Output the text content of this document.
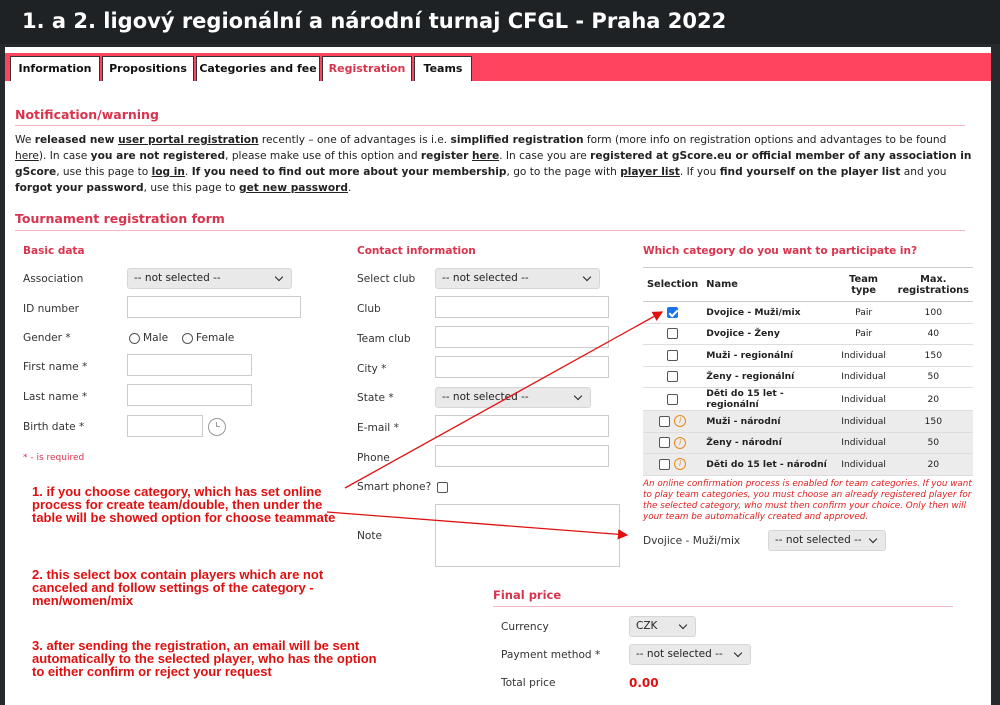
1. a 2. ligový regionální a národní turnaj CFGL - Praha 2022
Information	Propositions	Categories and fee	Registration	Teams
Notification/warning
We released new user portal registration recently – one of advantages is i.e. simplified registration form (more info on registration options and advantages to be found here). In case you are not registered, please make use of this option and register here. In case you are registered at gScore.eu or official member of any association in gScore, use this page to log in. If you need to find out more about your membership, go to the page with player list. If you find yourself on the player list and you forgot your password, use this page to get new password.
Tournament registration form
Basic data
Association	-- not selected --
ID number
Gender *	Male	Female
First name *
Last name *
Birth date *
* - is required
Contact information
Select club	-- not selected --
Club
Team club
City *
State *	-- not selected --
E-mail *
Phone
Smart phone?
Note
Which category do you want to participate in?
Selection	Name	Team type	Max. registrations
	Dvojice - Muži/mix	Pair	100
	Dvojice - Ženy	Pair	40
	Muži - regionální	Individual	150
	Ženy - regionální	Individual	50
	Děti do 15 let - regionální	Individual	20
i	Muži - národní	Individual	150
i	Ženy - národní	Individual	50
i	Děti do 15 let - národní	Individual	20
An online confirmation process is enabled for team categories. If you want to play team categories, you must choose an already registered player for the selected category, who must then confirm your choice. Only then will your team be automatically created and approved.
Dvojice - Muži/mix	-- not selected --
Final price
Currency	CZK
Payment method *	-- not selected --
Total price	0.00
1. if you choose category, which has set online process for create team/double, then under the table will be showed option for choose teammate
2. this select box contain players which are not canceled and follow settings of the category - men/women/mix
3. after sending the registration, an email will be sent automatically to the selected player, who has the option to either confirm or reject your request
